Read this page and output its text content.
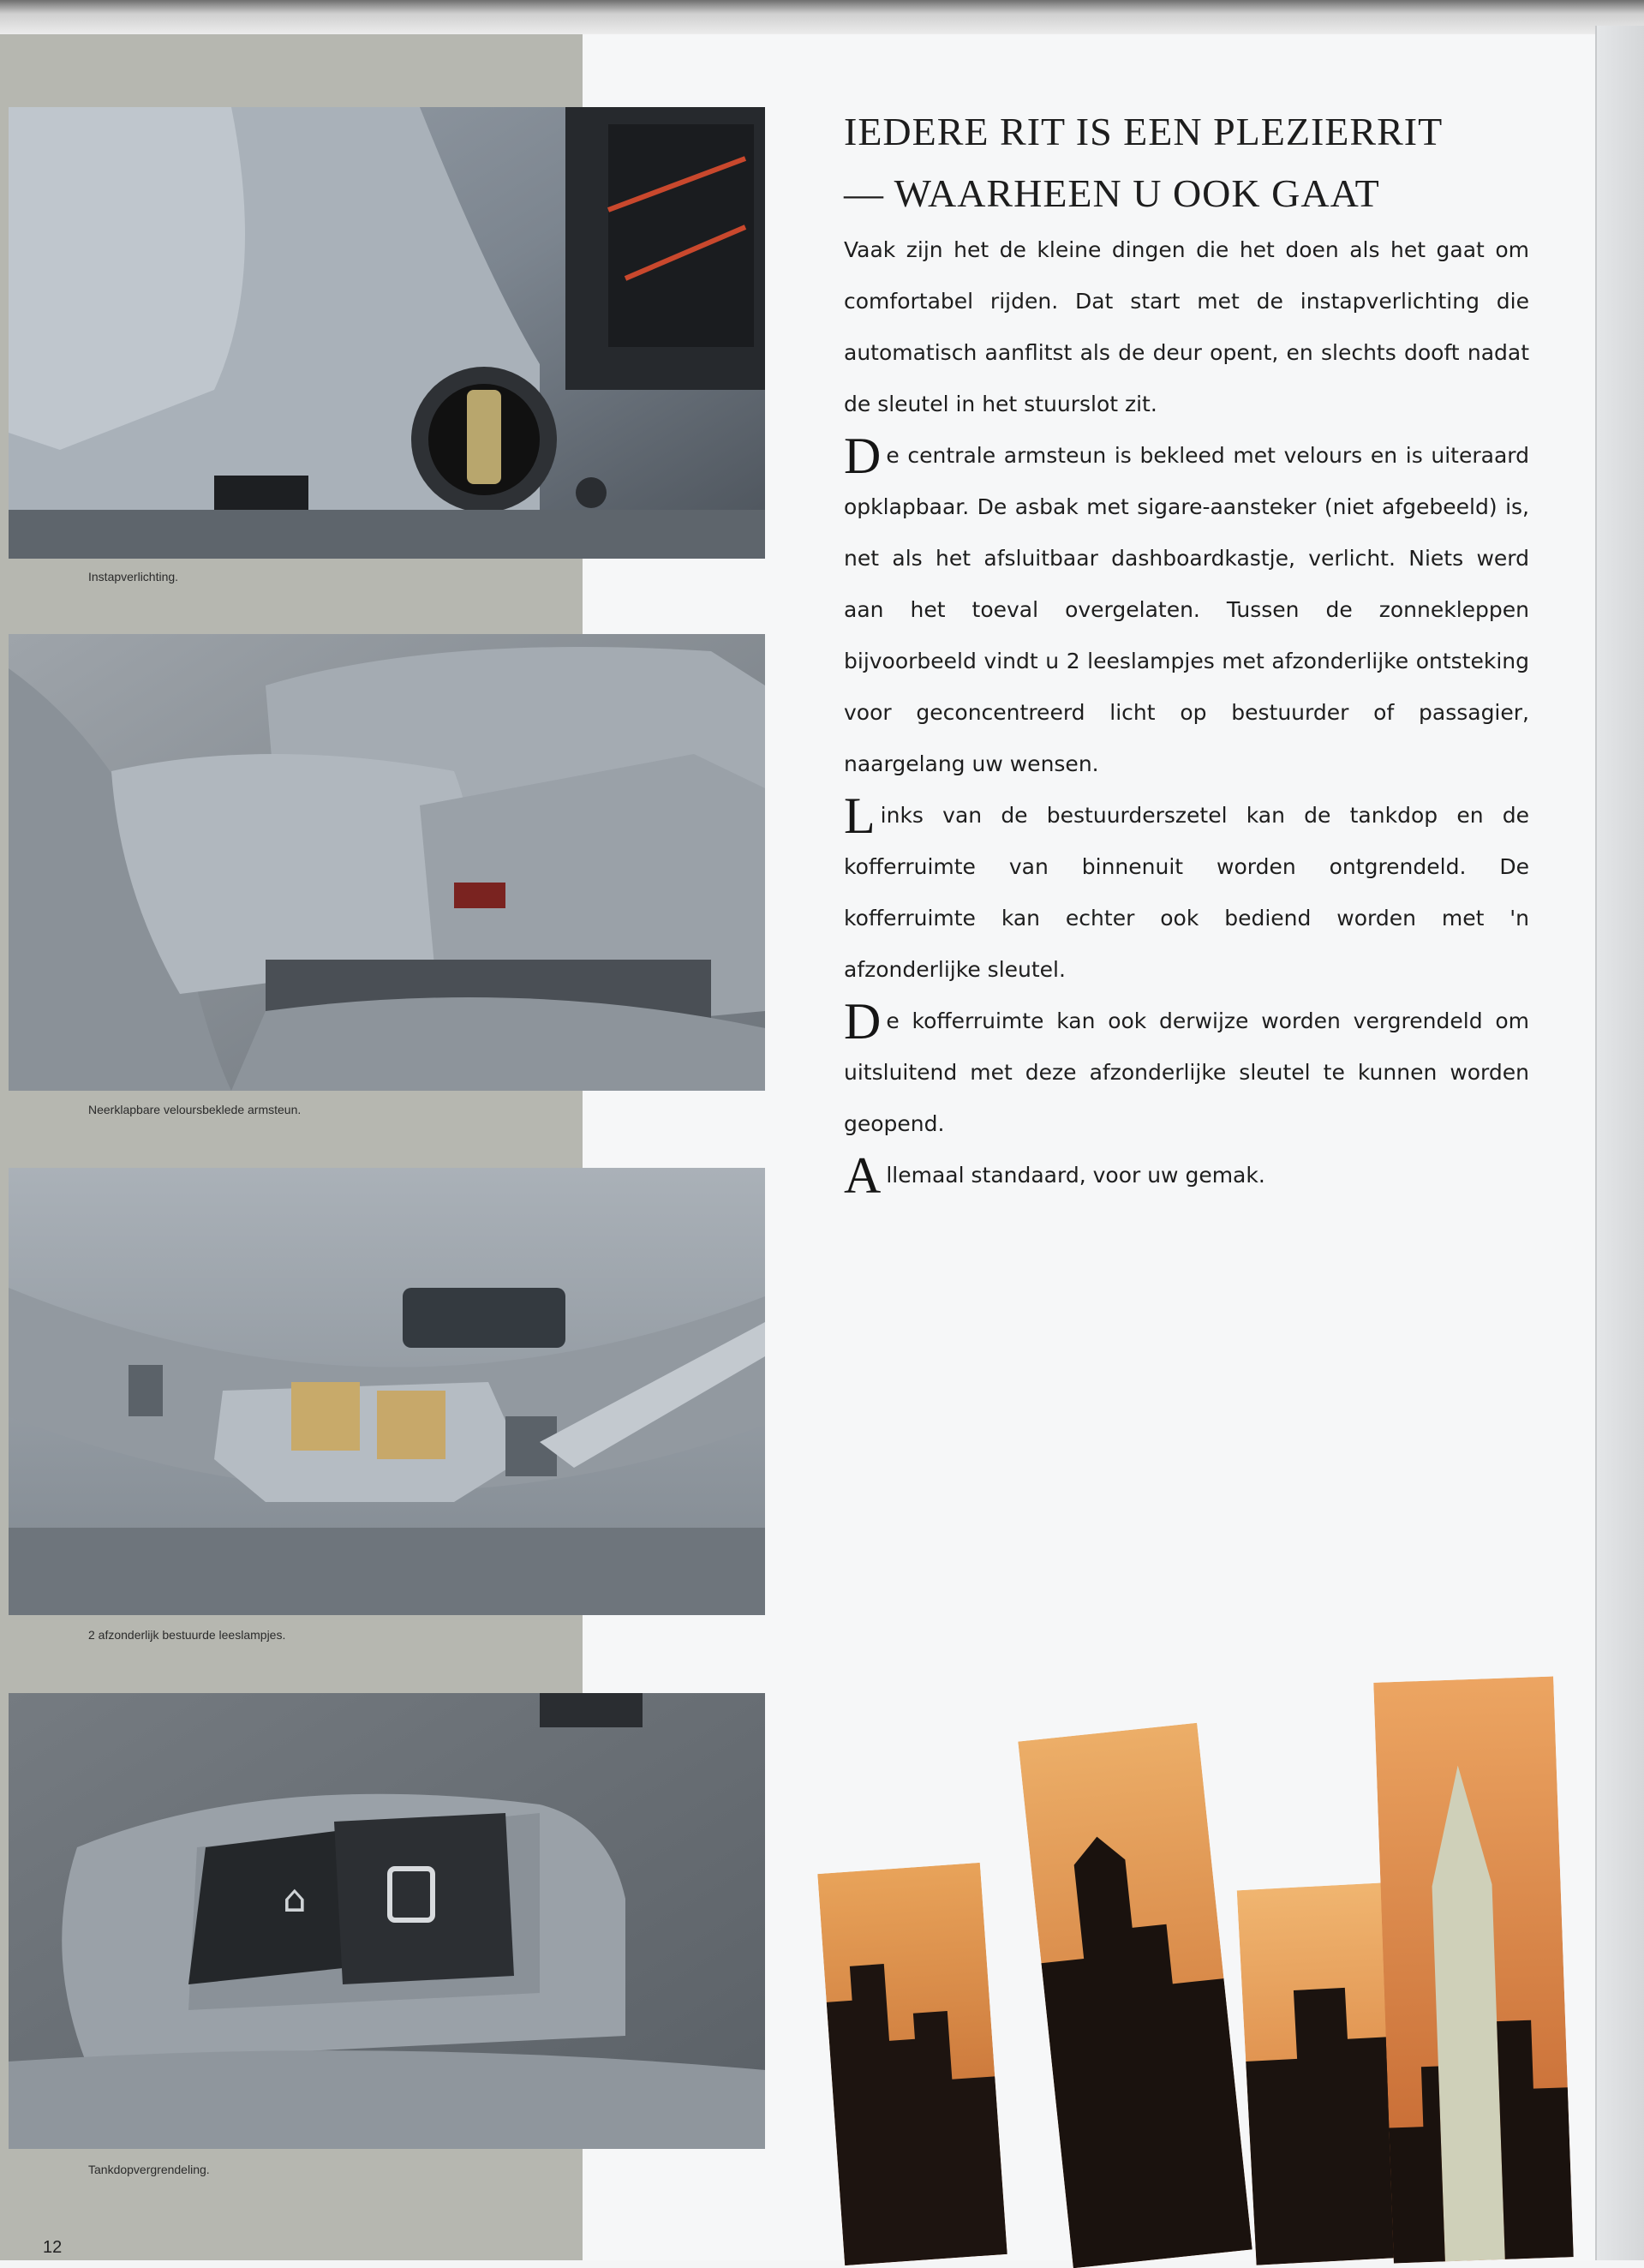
Instapverlichting.
Neerklapbare veloursbeklede armsteun.
2 afzonderlijk bestuurde leeslampjes.
⌂
Tankdopvergrendeling.
12
IEDERE RIT IS EEN PLEZIERRIT
— WAARHEEN U OOK GAAT

Vaak zijn het de kleine dingen die het doen als het gaat om comfortabel rijden. Dat start met de instapverlichting die automatisch aanflitst als de deur opent, en slechts dooft nadat de sleutel in het stuurslot zit.

De centrale armsteun is bekleed met velours en is uiteraard opklapbaar. De asbak met sigare-aansteker (niet afgebeeld) is, net als het afsluitbaar dashboardkastje, verlicht. Niets werd aan het toeval overgelaten. Tussen de zonnekleppen bijvoorbeeld vindt u 2 leeslampjes met afzonderlijke ontsteking voor geconcentreerd licht op bestuurder of passagier, naargelang uw wensen.

Links van de bestuurderszetel kan de tankdop en de kofferruimte van binnenuit worden ontgrendeld. De kofferruimte kan echter ook bediend worden met 'n afzonderlijke sleutel.

De kofferruimte kan ook derwijze worden vergrendeld om uitsluitend met deze afzonderlijke sleutel te kunnen worden geopend.

Allemaal standaard, voor uw gemak.
